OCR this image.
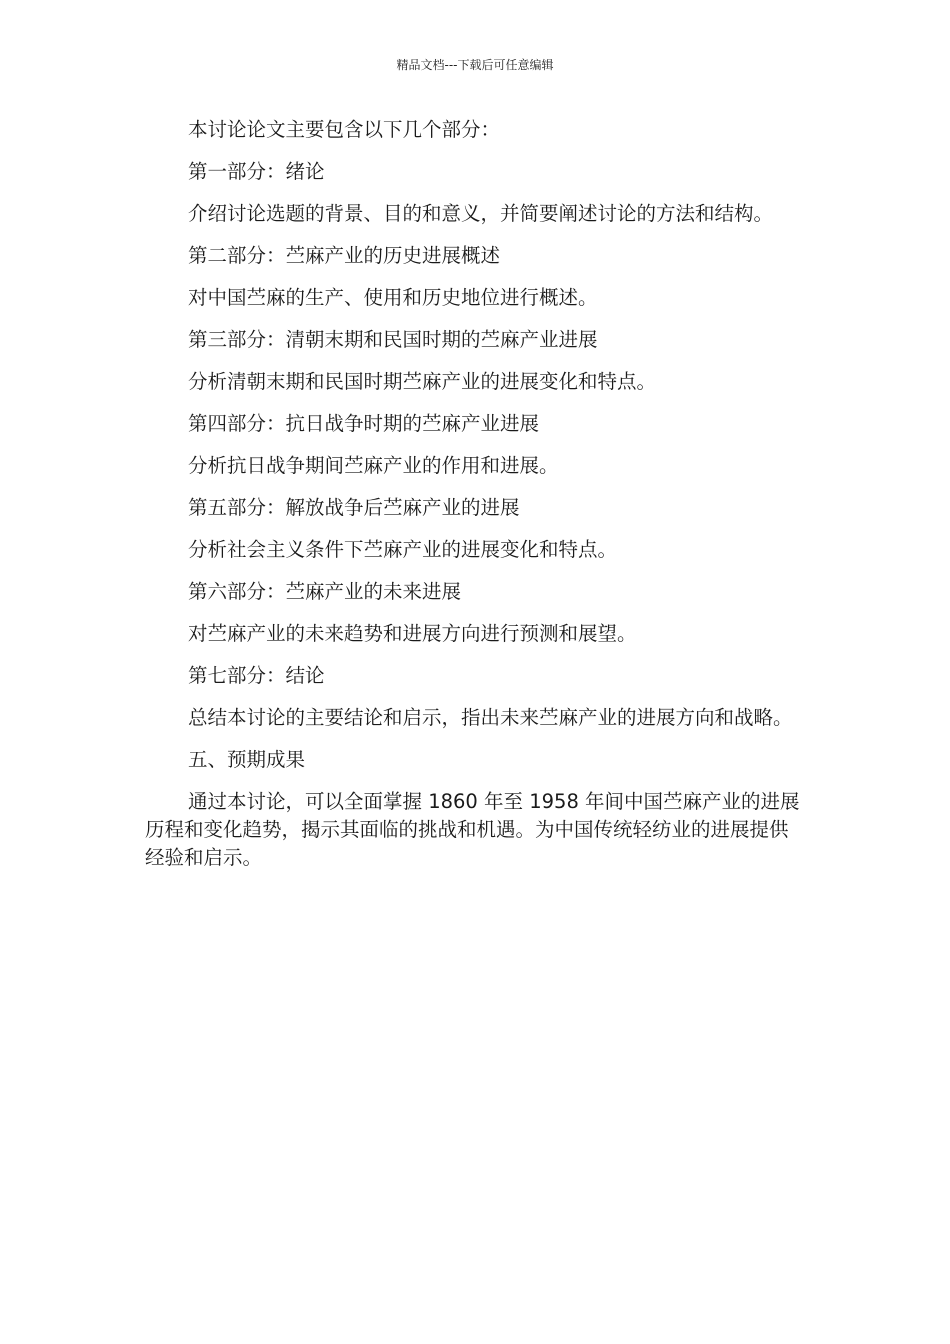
精品文档---下载后可任意编辑

本讨论论文主要包含以下几个部分：

第一部分：绪论

介绍讨论选题的背景、目的和意义，并简要阐述讨论的方法和结构。

第二部分：苎麻产业的历史进展概述

对中国苎麻的生产、使用和历史地位进行概述。

第三部分：清朝末期和民国时期的苎麻产业进展

分析清朝末期和民国时期苎麻产业的进展变化和特点。

第四部分：抗日战争时期的苎麻产业进展

分析抗日战争期间苎麻产业的作用和进展。

第五部分：解放战争后苎麻产业的进展

分析社会主义条件下苎麻产业的进展变化和特点。

第六部分：苎麻产业的未来进展

对苎麻产业的未来趋势和进展方向进行预测和展望。

第七部分：结论

总结本讨论的主要结论和启示，指出未来苎麻产业的进展方向和战略。

五、预期成果

通过本讨论，可以全面掌握 1860 年至 1958 年间中国苎麻产业的进展历程和变化趋势，揭示其面临的挑战和机遇。为中国传统轻纺业的进展提供经验和启示。
